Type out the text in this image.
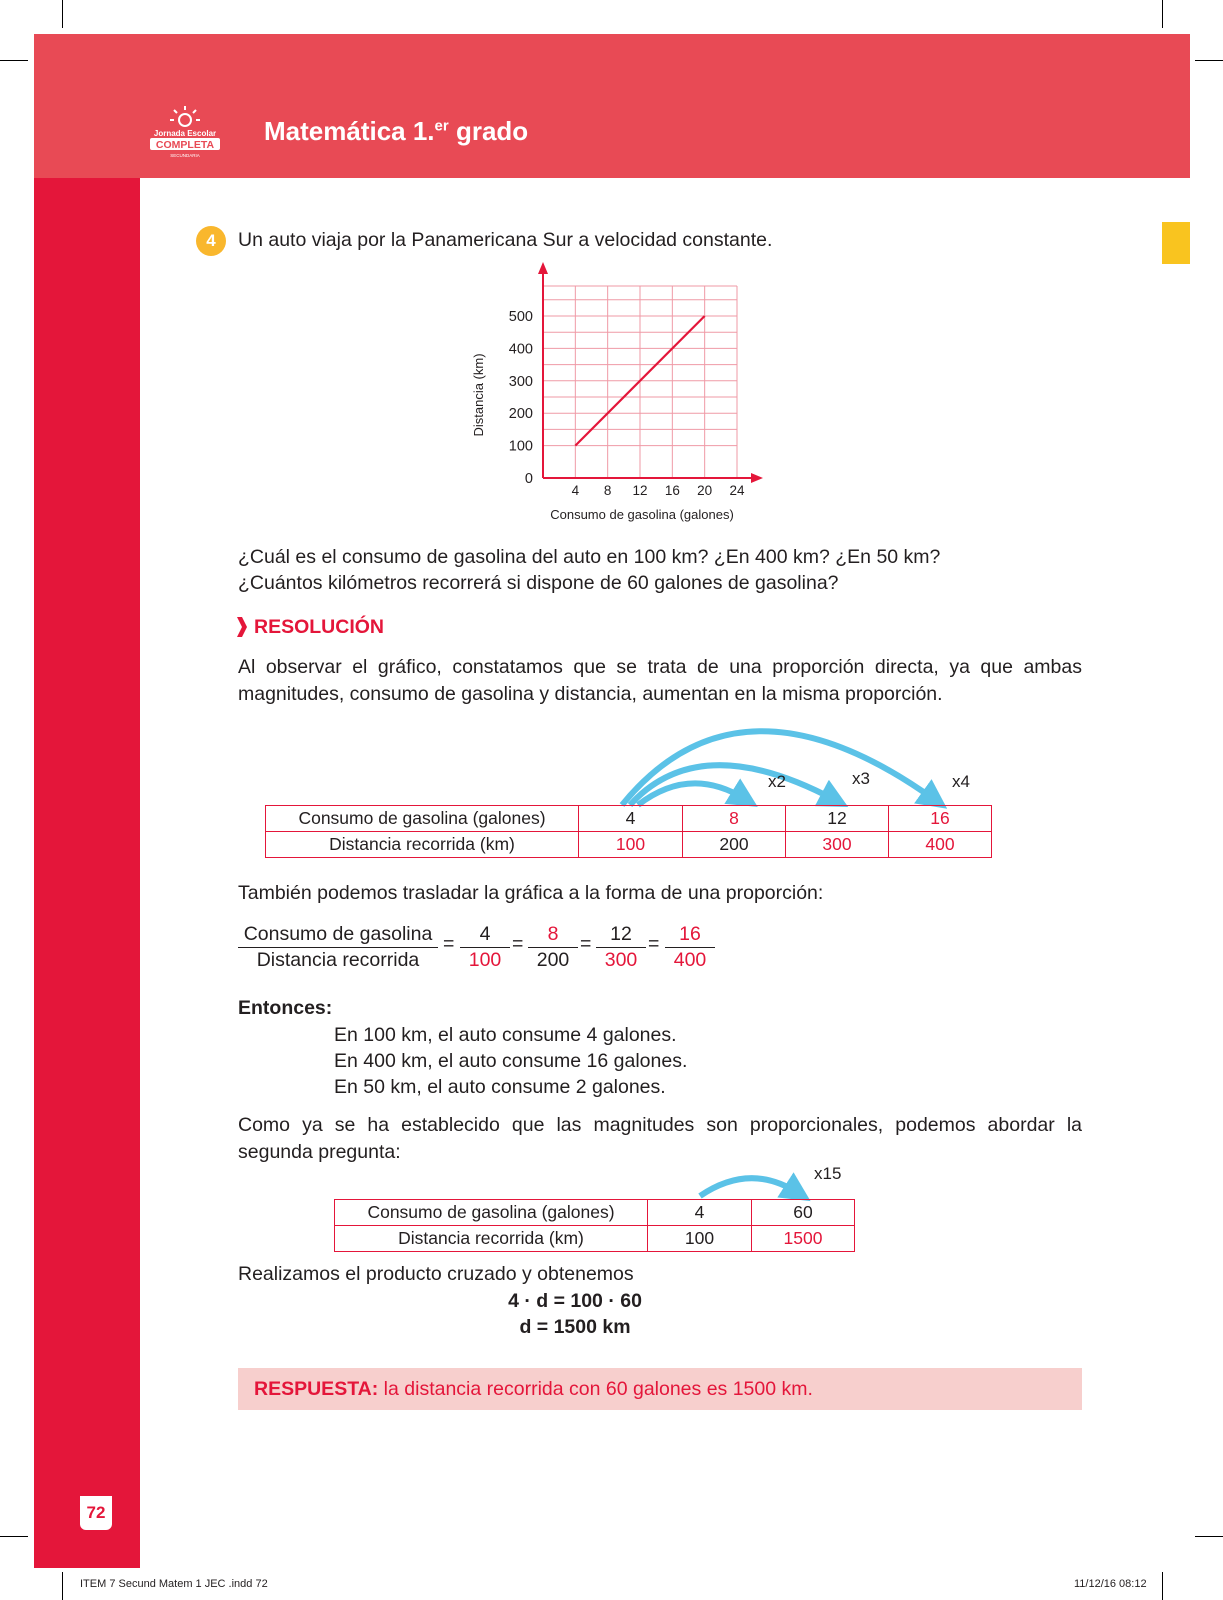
Jornada Escolar
COMPLETA
SECUNDARIA
Matemática 1.$^{er}$ grado
4	Un auto viaja por la Panamericana Sur a velocidad constante.
0
100
200
300
400
500
4 8 12 16 20 24
Consumo de gasolina (galones)
Distancia (km)
¿Cuál es el consumo de gasolina del auto en 100 km? ¿En 400 km? ¿En 50 km?
¿Cuántos kilómetros recorrerá si dispone de 60 galones de gasolina?
RESOLUCIÓN
Al observar el gráfico, constatamos que se trata de una proporción directa, ya que ambas magnitudes, consumo de gasolina y distancia, aumentan en la misma proporción.
x2	x3	x4
Consumo de gasolina (galones)	4	8	12	16
Distancia recorrida (km)	100	200	300	400
También podemos trasladar la gráfica a la forma de una proporción:
Consumo de gasolina
Distancia recorrida
= $\frac{4}{100} = \frac{8}{200} = \frac{12}{300} = \frac{16}{400}$
Entonces:
En 100 km, el auto consume 4 galones.
En 400 km, el auto consume 16 galones.
En 50 km, el auto consume 2 galones.
Como ya se ha establecido que las magnitudes son proporcionales, podemos abordar la segunda pregunta:
x15
Consumo de gasolina (galones)	4	60
Distancia recorrida (km)	100	1500
Realizamos el producto cruzado y obtenemos
4 · d = 100 · 60
d = 1500 km
RESPUESTA: la distancia recorrida con 60 galones es 1500 km.
72
ITEM 7 Secund Matem 1 JEC .indd 72	11/12/16 08:12
